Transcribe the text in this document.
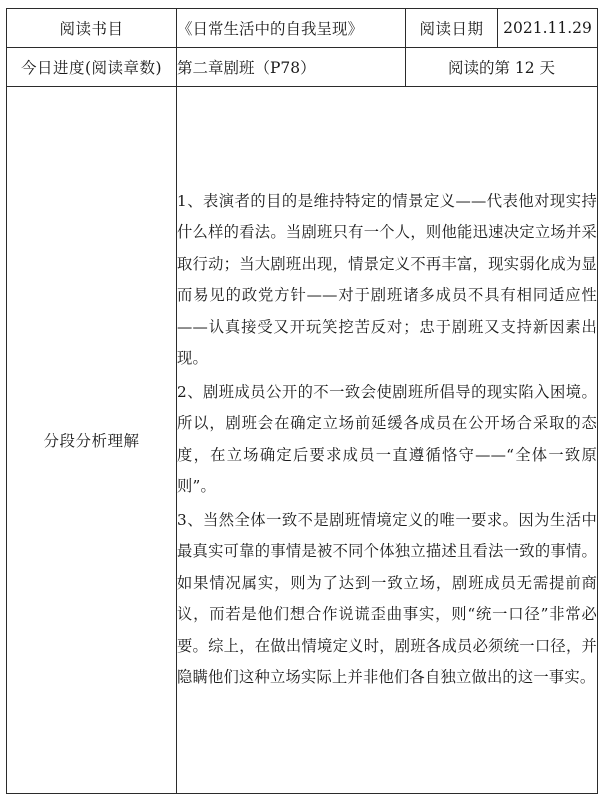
阅读书目	《日常生活中的自我呈现》	阅读日期	2021.11.29
今日进度(阅读章数)	第二章剧班（P78）	阅读的第 12 天	
分段分析理解	1、表演者的目的是维持特定的情景定义——代表他对现实持什么样的看法。当剧班只有一个人，则他能迅速决定立场并采取行动；当大剧班出现，情景定义不再丰富，现实弱化成为显而易见的政党方针——对于剧班诸多成员不具有相同适应性——认真接受又开玩笑挖苦反对；忠于剧班又支持新因素出现。

2、剧班成员公开的不一致会使剧班所倡导的现实陷入困境。所以，剧班会在确定立场前延缓各成员在公开场合采取的态度，在立场确定后要求成员一直遵循恪守——“全体一致原则”。

3、当然全体一致不是剧班情境定义的唯一要求。因为生活中最真实可靠的事情是被不同个体独立描述且看法一致的事情。如果情况属实，则为了达到一致立场，剧班成员无需提前商议，而若是他们想合作说谎歪曲事实，则“统一口径”非常必要。综上，在做出情境定义时，剧班各成员必须统一口径，并隐瞒他们这种立场实际上并非他们各自独立做出的这一事实。		
